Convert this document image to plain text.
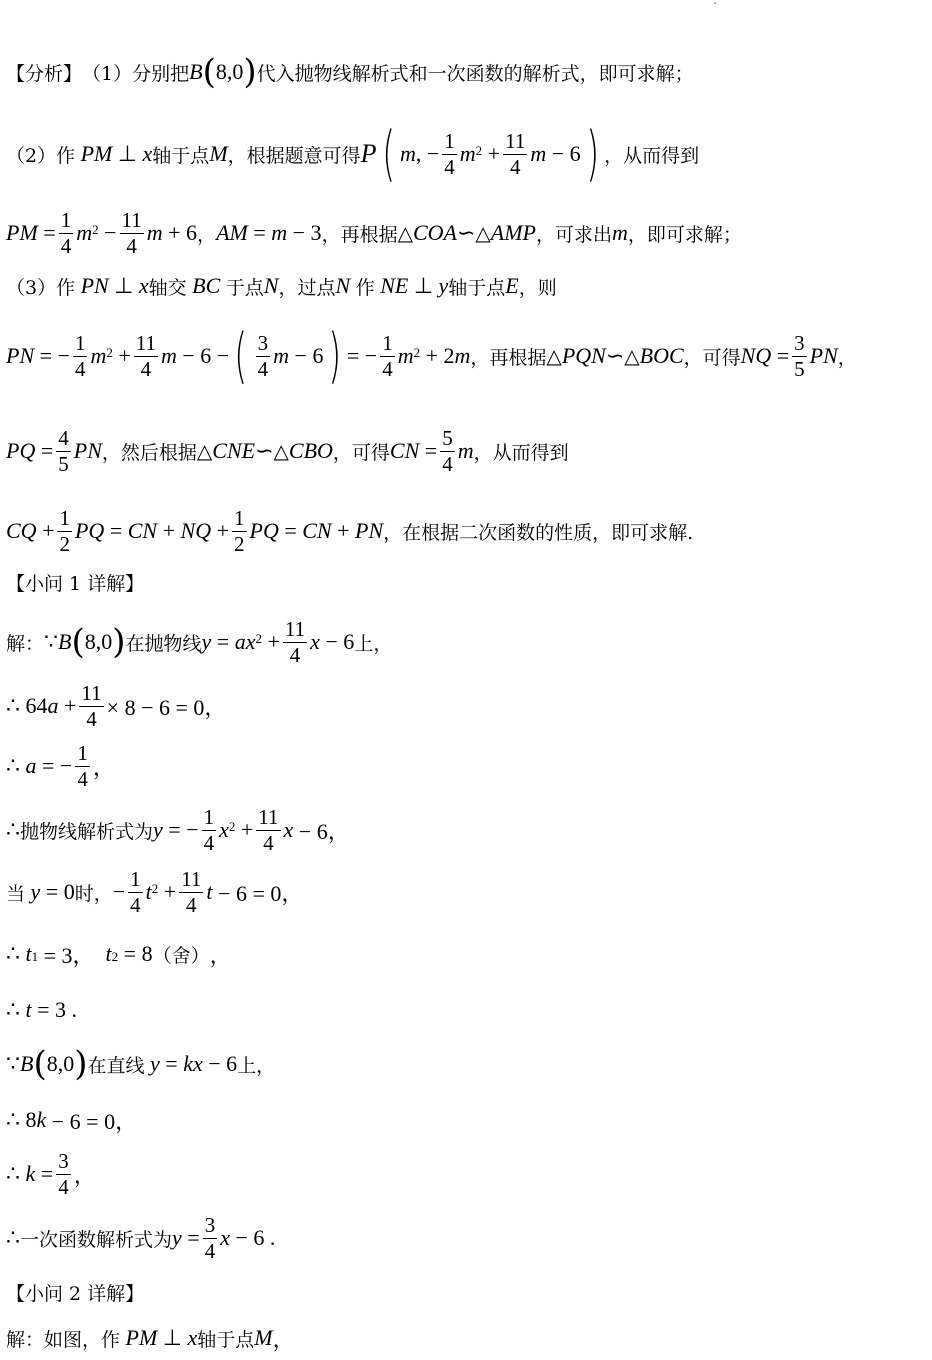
【分析】 （1）分别把 B ( 8,0 ) 代入抛物线解析式和一次函数的解析式，即可求解；
（2）作 PM ⊥ x 轴于点 M ，根据题意可得 P ( m , − $\frac{1}{4} m^2 + \frac{11}{4}$ m − 6 ) ，从而得到
PM = $\frac{1}{4} m^2 - \frac{11}{4}$ m + 6 ， AM = m − 3 ，再根据 △ COA ∽ △ AMP ，可求出 m ，即可求解；
（3）作 PN ⊥ x 轴交 BC 于点 N ，过点 N 作 NE ⊥ y 轴于点 E ，则
PN = − $\frac{1}{4} m^2 + \frac{11}{4}$ m − 6 − ( $\frac{3}{4}$ m − 6 ) = − $\frac{1}{4} m^2 + 2$ m ，再根据 △ PQN ∽ △ BOC ，可得 NQ = $\frac{3}{5}$ PN ，
PQ = $\frac{4}{5}$ PN ，然后根据 △ CNE ∽ △ CBO ，可得 CN = $\frac{5}{4}$ m ，从而得到
CQ + $\frac{1}{2}$ PQ = CN + NQ + $\frac{1}{2}$ PQ = CN + PN ，在根据二次函数的性质，即可求解.
【小问 1 详解】
解： ∵ B ( 8,0 ) 在抛物线 $y = ax^2 + \frac{11}{4}$ x − 6 上，
∴ 64 $a + \frac{11}{4} \times 8 - 6 = 0$，
∴ a = − $\frac{1}{4}$ ，
∴ 抛物线解析式为 y = − $\frac{1}{4} x^2 + \frac{11}{4}$ x − 6，
当 y = 0 时， − $\frac{1}{4} t^2 + \frac{11}{4}$ t − 6 = 0，
∴ $t_1 = 3$， $t_2 = 8$ （舍） ，
∴ t = 3 .
∵ B ( 8,0 ) 在直线 y = kx − 6 上，
∴ 8 k − 6 = 0，
∴ $k = \frac{3}{4}$ ，
∴ 一次函数解析式为 $y = \frac{3}{4}$ x − 6 .
【小问 2 详解】
解：如图，作 PM ⊥ x 轴于点 M ，
